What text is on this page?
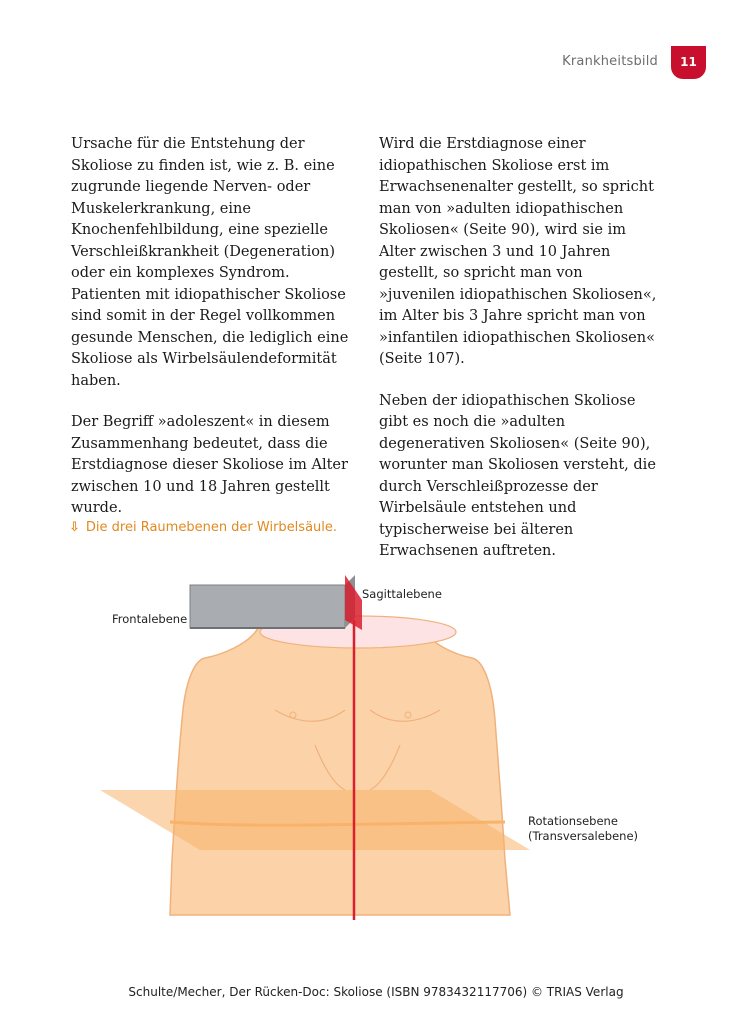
Krankheitsbild	11

Ursache für die Entstehung der Skoliose zu finden ist, wie z. B. eine zugrunde liegende Nerven- oder Muskelerkrankung, eine Knochenfehlbildung, eine spezielle Verschleißkrankheit (Degeneration) oder ein komplexes Syndrom. Patienten mit idiopathischer Skoliose sind somit in der Regel vollkommen gesunde Menschen, die lediglich eine Skoliose als Wirbelsäulendeformität haben.

Der Begriff »adoleszent« in diesem Zusammenhang bedeutet, dass die Erstdiagnose dieser Skoliose im Alter zwischen 10 und 18 Jahren gestellt wurde.

Wird die Erstdiagnose einer idiopathischen Skoliose erst im Erwachsenenalter gestellt, so spricht man von »adulten idiopathischen Skoliosen« (Seite 90), wird sie im Alter zwischen 3 und 10 Jahren gestellt, so spricht man von »juvenilen idiopathischen Skoliosen«, im Alter bis 3 Jahre spricht man von »infantilen idiopathischen Skoliosen« (Seite 107).

Neben der idiopathischen Skoliose gibt es noch die »adulten degenerativen Skoliosen« (Seite 90), worunter man Skoliosen versteht, die durch Verschleißprozesse der Wirbelsäule entstehen und typischerweise bei älteren Erwachsenen auftreten.

⇩ Die drei Raumebenen der Wirbelsäule.
Frontalebene
Sagittalebene
Rotationsebene
(Transversalebene)
Schulte/Mecher, Der Rücken-Doc: Skoliose (ISBN 9783432117706) © TRIAS Verlag
